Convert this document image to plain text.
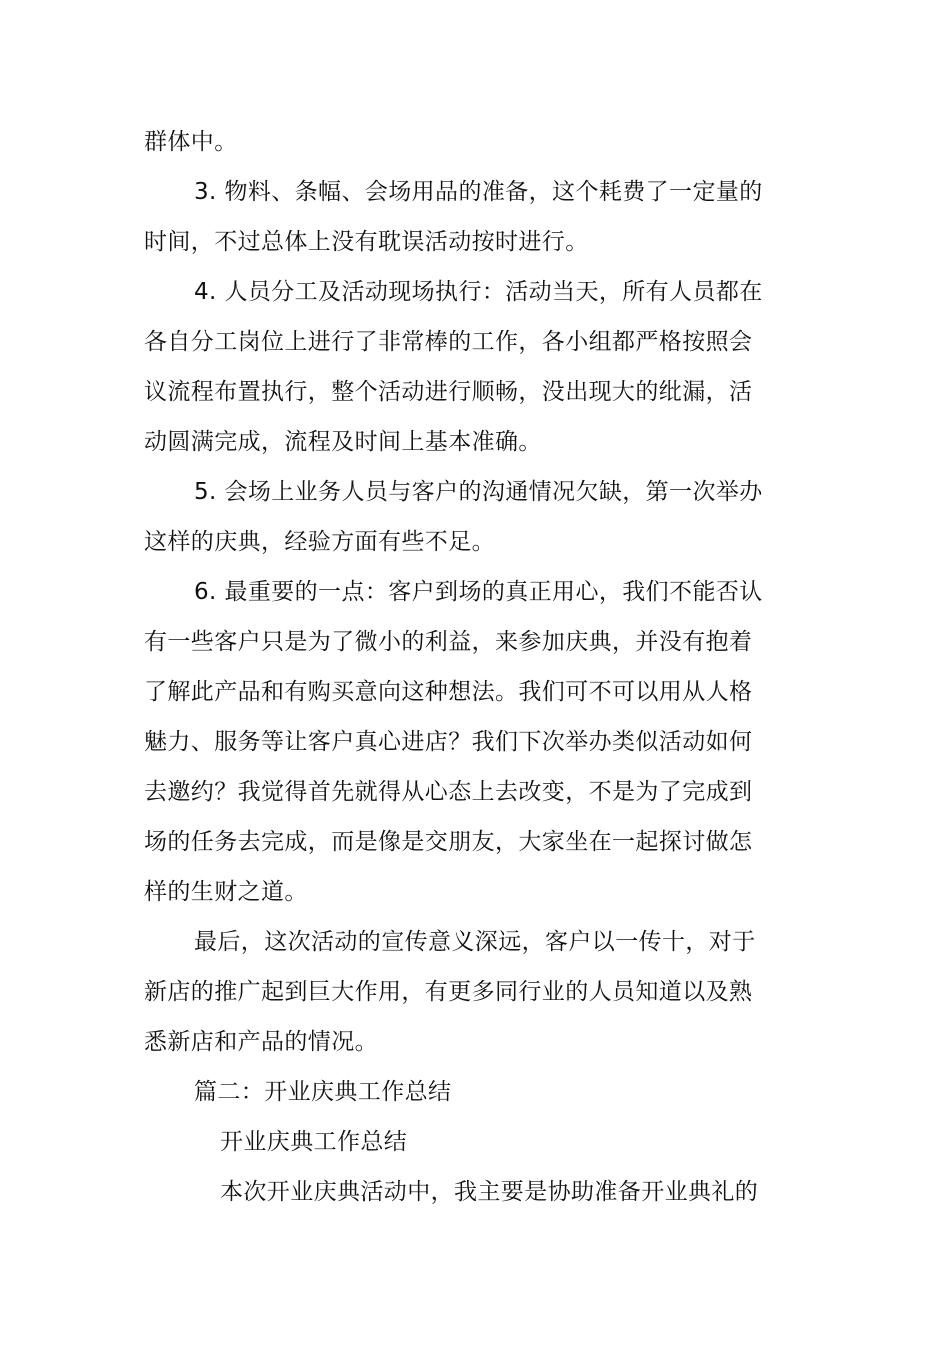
群体中。
3. 物料、条幅、会场用品的准备，这个耗费了一定量的
时间，不过总体上没有耽误活动按时进行。
4. 人员分工及活动现场执行：活动当天，所有人员都在
各自分工岗位上进行了非常棒的工作，各小组都严格按照会
议流程布置执行，整个活动进行顺畅，没出现大的纰漏，活
动圆满完成，流程及时间上基本准确。
5. 会场上业务人员与客户的沟通情况欠缺，第一次举办
这样的庆典，经验方面有些不足。
6. 最重要的一点：客户到场的真正用心，我们不能否认
有一些客户只是为了微小的利益，来参加庆典，并没有抱着
了解此产品和有购买意向这种想法。我们可不可以用从人格
魅力、服务等让客户真心进店？我们下次举办类似活动如何
去邀约？我觉得首先就得从心态上去改变，不是为了完成到
场的任务去完成，而是像是交朋友，大家坐在一起探讨做怎
样的生财之道。
最后，这次活动的宣传意义深远，客户以一传十，对于
新店的推广起到巨大作用，有更多同行业的人员知道以及熟
悉新店和产品的情况。
篇二：开业庆典工作总结
开业庆典工作总结
本次开业庆典活动中，我主要是协助准备开业典礼的
